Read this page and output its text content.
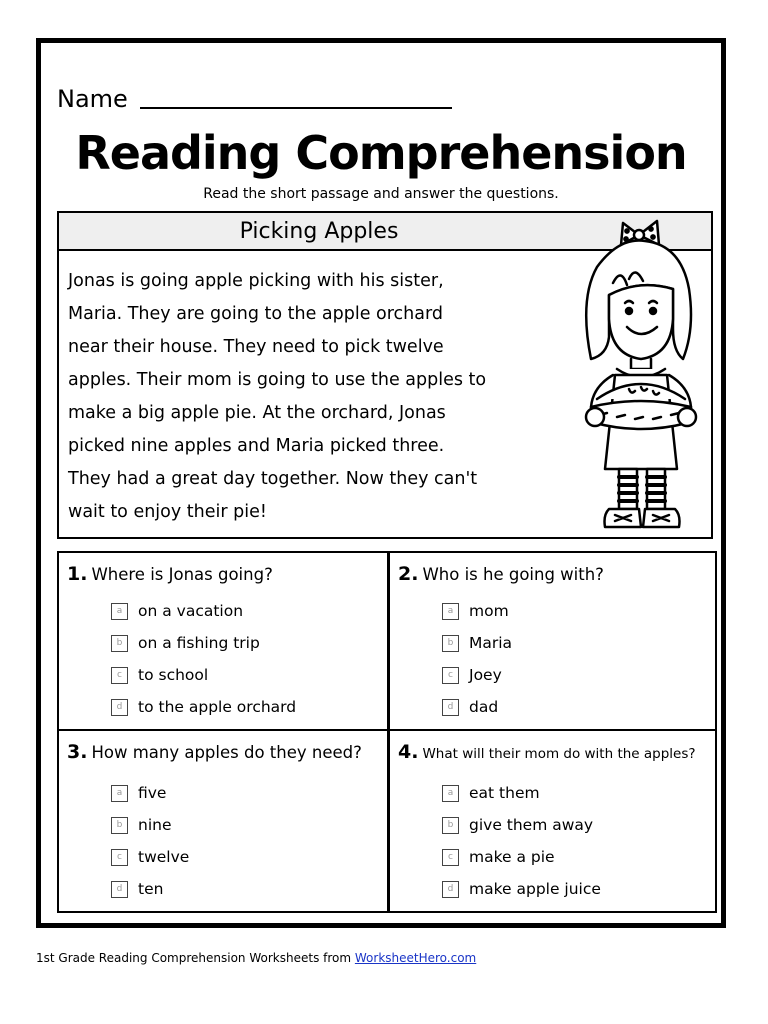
Name
Reading Comprehension
Read the short passage and answer the questions.
Picking Apples
Jonas is going apple picking with his sister,
Maria. They are going to the apple orchard
near their house. They need to pick twelve
apples. Their mom is going to use the apples to
make a big apple pie. At the orchard, Jonas
picked nine apples and Maria picked three.
They had a great day together. Now they can't
wait to enjoy their pie!
1. Where is Jonas going?
a	on a vacation
b	on a fishing trip
c	to school
d	to the apple orchard
2. Who is he going with?
a	mom
b	Maria
c	Joey
d	dad
3. How many apples do they need?
a	five
b	nine
c	twelve
d	ten
4. What will their mom do with the apples?
a	eat them
b	give them away
c	make a pie
d	make apple juice
1st Grade Reading Comprehension Worksheets from WorksheetHero.com
